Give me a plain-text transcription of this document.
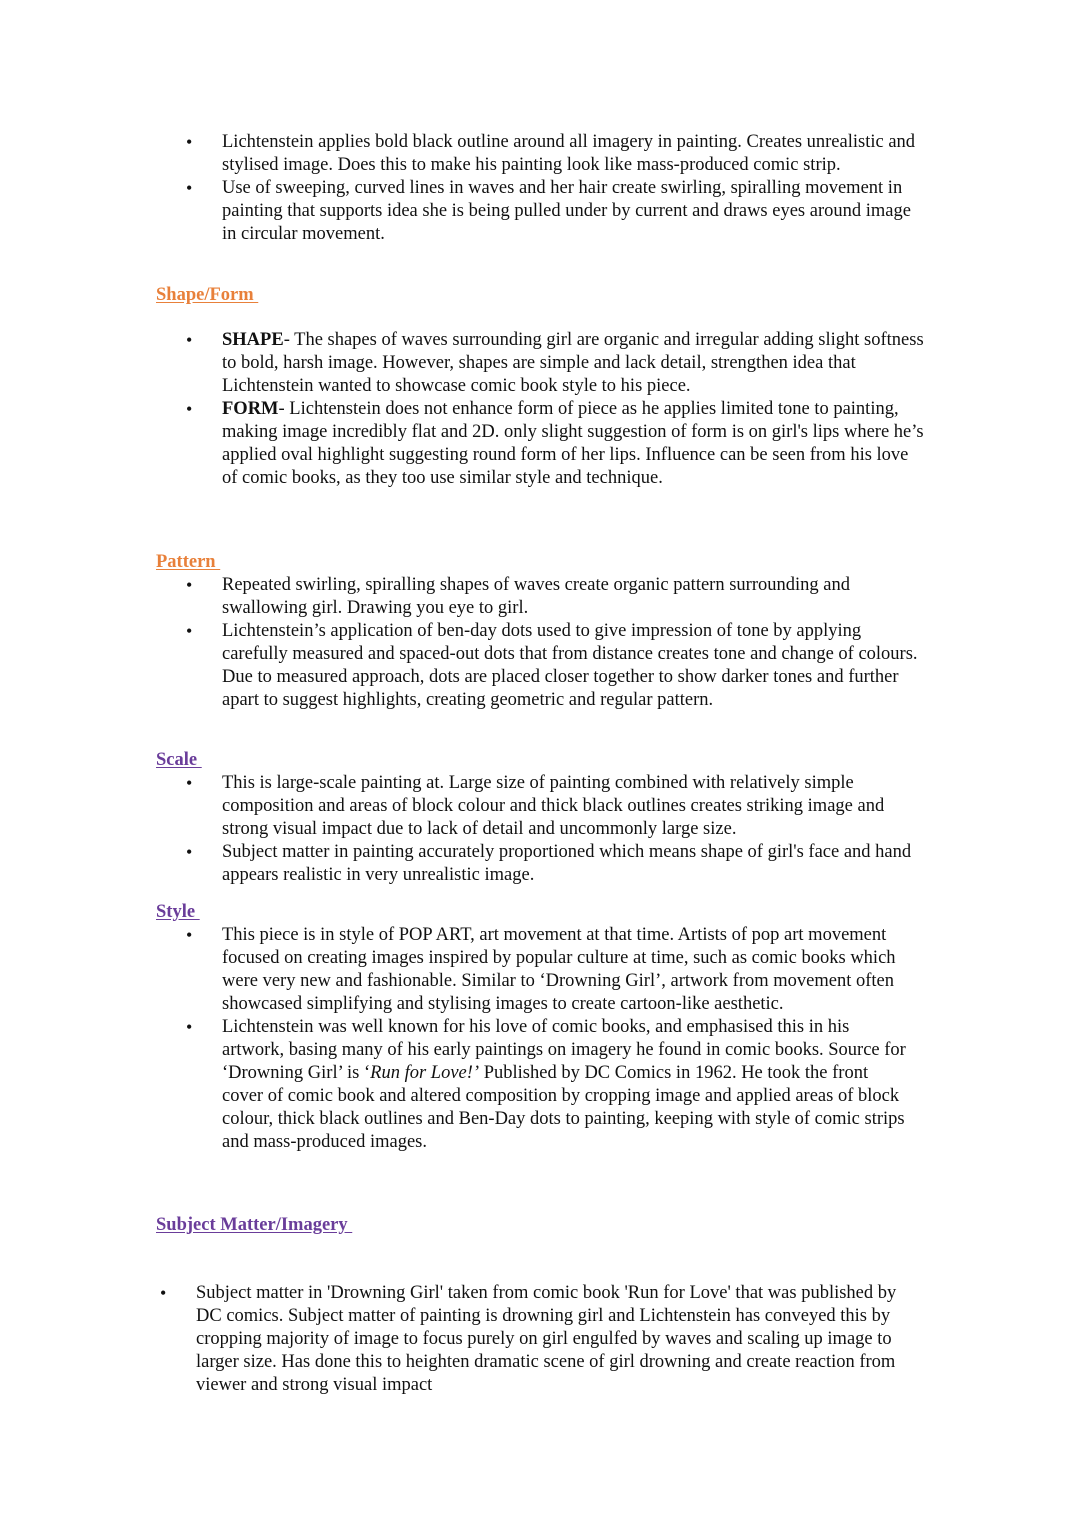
• Lichtenstein applies bold black outline around all imagery in painting. Creates unrealistic and stylised image. Does this to make his painting look like mass-produced comic strip.
• Use of sweeping, curved lines in waves and her hair create swirling, spiralling movement in painting that supports idea she is being pulled under by current and draws eyes around image in circular movement.
Shape/Form
• SHAPE- The shapes of waves surrounding girl are organic and irregular adding slight softness to bold, harsh image. However, shapes are simple and lack detail, strengthen idea that Lichtenstein wanted to showcase comic book style to his piece.
• FORM- Lichtenstein does not enhance form of piece as he applies limited tone to painting, making image incredibly flat and 2D. only slight suggestion of form is on girl's lips where he’s applied oval highlight suggesting round form of her lips. Influence can be seen from his love of comic books, as they too use similar style and technique.
Pattern
• Repeated swirling, spiralling shapes of waves create organic pattern surrounding and swallowing girl. Drawing you eye to girl.
• Lichtenstein’s application of ben-day dots used to give impression of tone by applying carefully measured and spaced-out dots that from distance creates tone and change of colours. Due to measured approach, dots are placed closer together to show darker tones and further apart to suggest highlights, creating geometric and regular pattern.
Scale
• This is large-scale painting at. Large size of painting combined with relatively simple composition and areas of block colour and thick black outlines creates striking image and strong visual impact due to lack of detail and uncommonly large size.
• Subject matter in painting accurately proportioned which means shape of girl's face and hand appears realistic in very unrealistic image.
Style
• This piece is in style of POP ART, art movement at that time. Artists of pop art movement focused on creating images inspired by popular culture at time, such as comic books which were very new and fashionable. Similar to ‘Drowning Girl’, artwork from movement often showcased simplifying and stylising images to create cartoon-like aesthetic.
• Lichtenstein was well known for his love of comic books, and emphasised this in his artwork, basing many of his early paintings on imagery he found in comic books. Source for ‘Drowning Girl’ is ‘Run for Love!’ Published by DC Comics in 1962. He took the front cover of comic book and altered composition by cropping image and applied areas of block colour, thick black outlines and Ben-Day dots to painting, keeping with style of comic strips and mass-produced images.
Subject Matter/Imagery
• Subject matter in 'Drowning Girl' taken from comic book 'Run for Love' that was published by DC comics. Subject matter of painting is drowning girl and Lichtenstein has conveyed this by cropping majority of image to focus purely on girl engulfed by waves and scaling up image to larger size. Has done this to heighten dramatic scene of girl drowning and create reaction from viewer and strong visual impact
